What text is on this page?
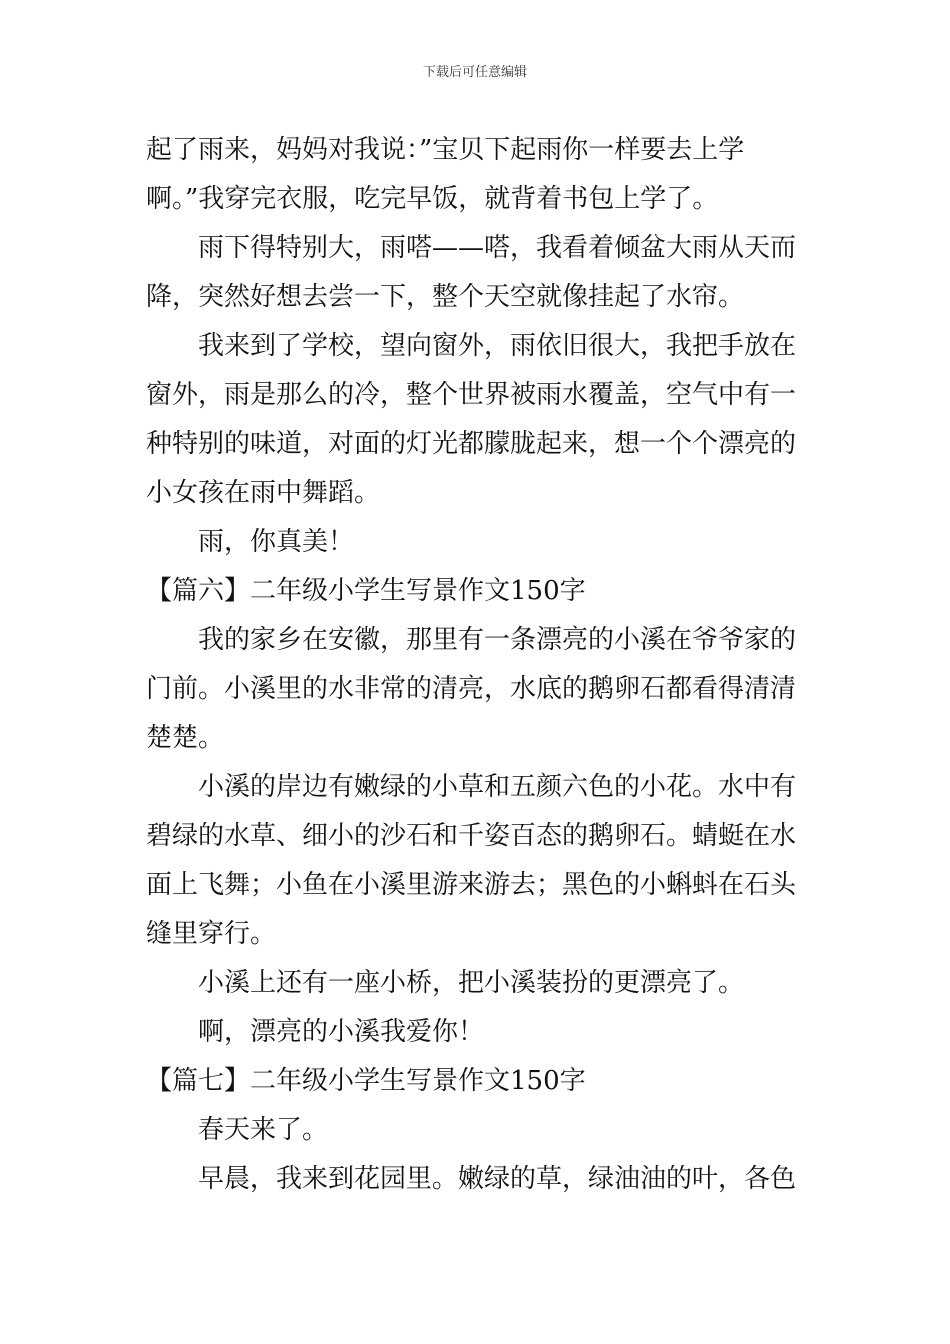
下载后可任意编辑
起了雨来，妈妈对我说：”宝贝下起雨你一样要去上学
啊。”我穿完衣服，吃完早饭，就背着书包上学了。
雨下得特别大，雨嗒——嗒，我看着倾盆大雨从天而
降，突然好想去尝一下，整个天空就像挂起了水帘。
我来到了学校，望向窗外，雨依旧很大，我把手放在
窗外，雨是那么的冷，整个世界被雨水覆盖，空气中有一
种特别的味道，对面的灯光都朦胧起来，想一个个漂亮的
小女孩在雨中舞蹈。
雨，你真美！
【篇六】二年级小学生写景作文150字
我的家乡在安徽，那里有一条漂亮的小溪在爷爷家的
门前。小溪里的水非常的清亮，水底的鹅卵石都看得清清
楚楚。
小溪的岸边有嫩绿的小草和五颜六色的小花。水中有
碧绿的水草、细小的沙石和千姿百态的鹅卵石。蜻蜓在水
面上飞舞；小鱼在小溪里游来游去；黑色的小蝌蚪在石头
缝里穿行。
小溪上还有一座小桥，把小溪装扮的更漂亮了。
啊，漂亮的小溪我爱你！
【篇七】二年级小学生写景作文150字
春天来了。
早晨，我来到花园里。嫩绿的草，绿油油的叶，各色
